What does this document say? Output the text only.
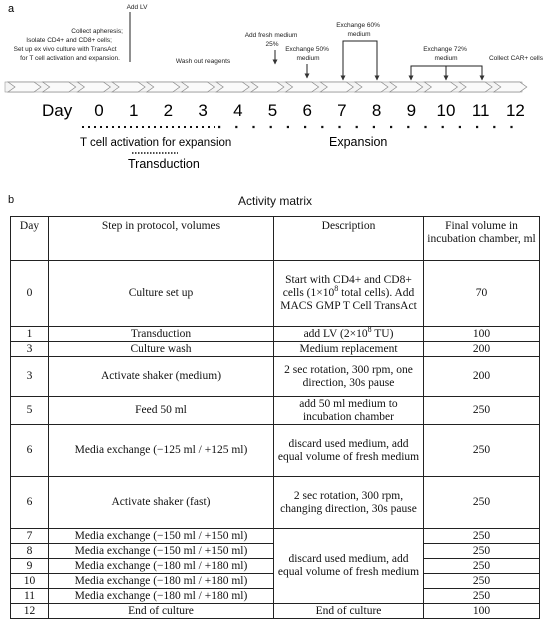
a
Collect apheresis; Isolate CD4+ and CD8+ cells; Set up ex vivo culture with TransAct for T cell activation and expansion.
Add LV
Wash out reagents
Add fresh medium 25%
Exchange 50% medium
Exchange 60% medium
Exchange 72% medium	Collect CAR+ cells
Day 0 1 2 3 4 5 6 7 8 9 10 11 12
T cell activation for expansion
Transduction
Expansion
Activity matrix
b
Day	Step in protocol, volumes	Description	Final volume in incubation chamber, ml
0	Culture set up	Start with CD4+ and CD8+ cells ($1\times 10^8$ total cells). Add MACS GMP T Cell TransAct	70
1	Transduction	add LV ($2\times 10^8$ TU)	100
3	Culture wash	Medium replacement	200
3	Activate shaker (medium)	2 sec rotation, 300 rpm, one direction, 30s pause	200
5	Feed 50 ml	add 50 ml medium to incubation chamber	250
6	Media exchange (−125 ml / +125 ml)	discard used medium, add equal volume of fresh medium	250
6	Activate shaker (fast)	2 sec rotation, 300 rpm, changing direction, 30s pause	250
7	Media exchange (−150 ml / +150 ml)	discard used medium, add equal volume of fresh medium	250
8	Media exchange (−150 ml / +150 ml)		250
9	Media exchange (−180 ml / +180 ml)		250
10	Media exchange (−180 ml / +180 ml)		250
11	Media exchange (−180 ml / +180 ml)		250
12	End of culture	End of culture	100
